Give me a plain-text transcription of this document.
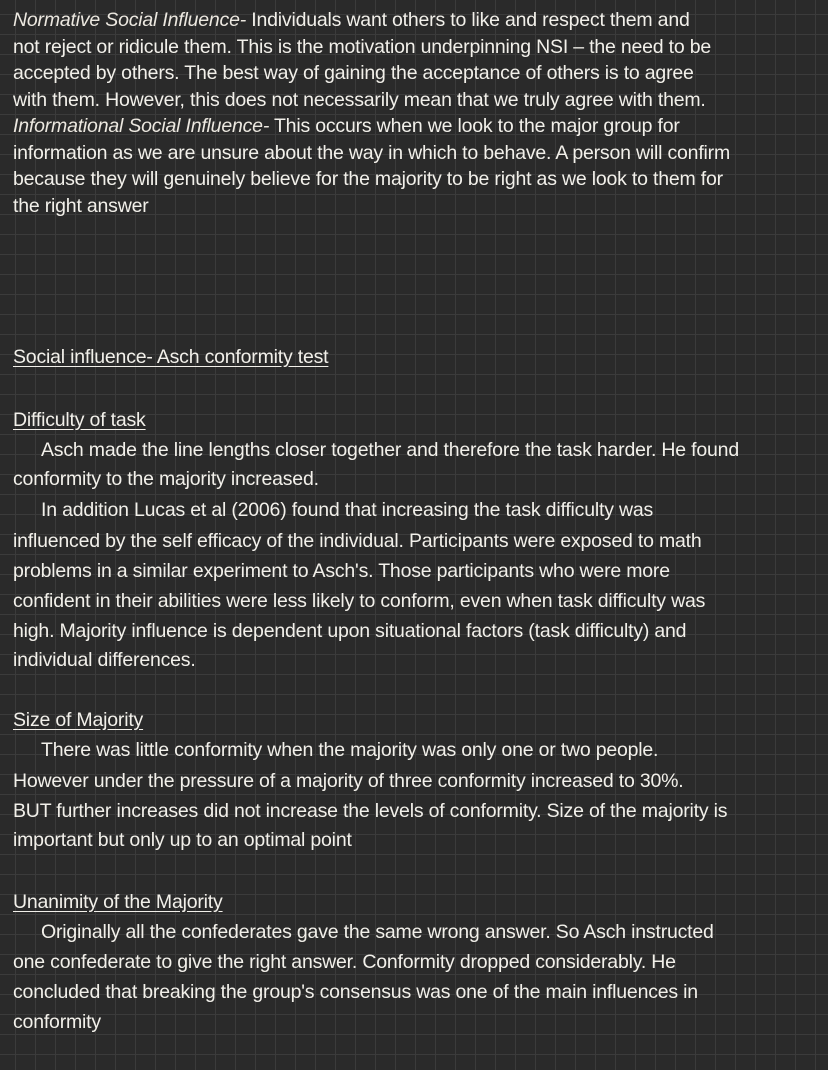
Normative Social Influence- Individuals want others to like and respect them and
not reject or ridicule them. This is the motivation underpinning NSI – the need to be
accepted by others. The best way of gaining the acceptance of others is to agree
with them. However, this does not necessarily mean that we truly agree with them.
Informational Social Influence- This occurs when we look to the major group for
information as we are unsure about the way in which to behave. A person will confirm
because they will genuinely believe for the majority to be right as we look to them for
the right answer
Social influence- Asch conformity test
Difficulty of task
Asch made the line lengths closer together and therefore the task harder. He found
conformity to the majority increased.
In addition Lucas et al (2006) found that increasing the task difficulty was
influenced by the self efficacy of the individual. Participants were exposed to math
problems in a similar experiment to Asch's. Those participants who were more
confident in their abilities were less likely to conform, even when task difficulty was
high. Majority influence is dependent upon situational factors (task difficulty) and
individual differences.
Size of Majority
There was little conformity when the majority was only one or two people.
However under the pressure of a majority of three conformity increased to 30%.
BUT further increases did not increase the levels of conformity. Size of the majority is
important but only up to an optimal point
Unanimity of the Majority
Originally all the confederates gave the same wrong answer. So Asch instructed
one confederate to give the right answer. Conformity dropped considerably. He
concluded that breaking the group's consensus was one of the main influences in
conformity
